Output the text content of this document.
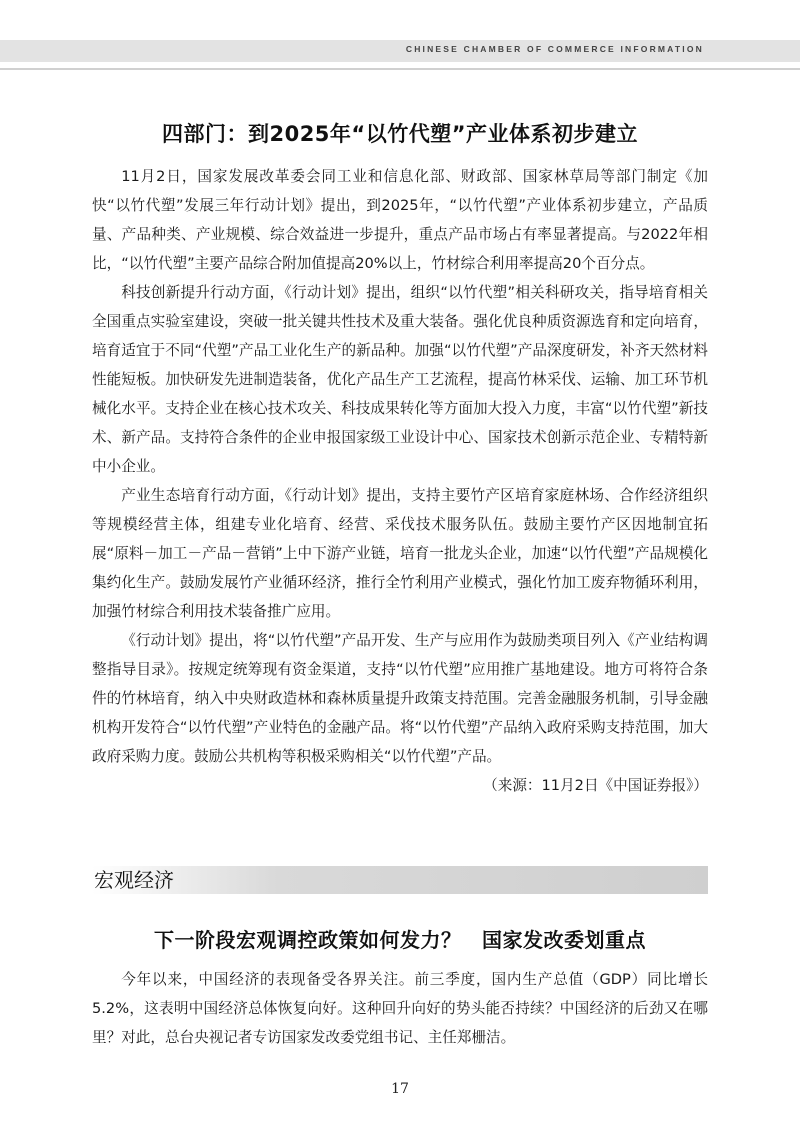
CHINESE CHAMBER OF COMMERCE INFORMATION
四部门：到2025年“以竹代塑”产业体系初步建立

11月2日，国家发展改革委会同工业和信息化部、财政部、国家林草局等部门制定《加快“以竹代塑”发展三年行动计划》提出，到2025年，“以竹代塑”产业体系初步建立，产品质量、产品种类、产业规模、综合效益进一步提升，重点产品市场占有率显著提高。与2022年相比，“以竹代塑”主要产品综合附加值提高20%以上，竹材综合利用率提高20个百分点。

科技创新提升行动方面，《行动计划》提出，组织“以竹代塑”相关科研攻关，指导培育相关全国重点实验室建设，突破一批关键共性技术及重大装备。强化优良种质资源选育和定向培育，培育适宜于不同“代塑”产品工业化生产的新品种。加强“以竹代塑”产品深度研发，补齐天然材料性能短板。加快研发先进制造装备，优化产品生产工艺流程，提高竹林采伐、运输、加工环节机械化水平。支持企业在核心技术攻关、科技成果转化等方面加大投入力度，丰富“以竹代塑”新技术、新产品。支持符合条件的企业申报国家级工业设计中心、国家技术创新示范企业、专精特新中小企业。

产业生态培育行动方面，《行动计划》提出，支持主要竹产区培育家庭林场、合作经济组织等规模经营主体，组建专业化培育、经营、采伐技术服务队伍。鼓励主要竹产区因地制宜拓展“原料－加工－产品－营销”上中下游产业链，培育一批龙头企业，加速“以竹代塑”产品规模化集约化生产。鼓励发展竹产业循环经济，推行全竹利用产业模式，强化竹加工废弃物循环利用，加强竹材综合利用技术装备推广应用。

《行动计划》提出，将“以竹代塑”产品开发、生产与应用作为鼓励类项目列入《产业结构调整指导目录》。按规定统筹现有资金渠道，支持“以竹代塑”应用推广基地建设。地方可将符合条件的竹林培育，纳入中央财政造林和森林质量提升政策支持范围。完善金融服务机制，引导金融机构开发符合“以竹代塑”产业特色的金融产品。将“以竹代塑”产品纳入政府采购支持范围，加大政府采购力度。鼓励公共机构等积极采购相关“以竹代塑”产品。

（来源：11月2日《中国证券报》）

宏观经济
下一阶段宏观调控政策如何发力？　国家发改委划重点

今年以来，中国经济的表现备受各界关注。前三季度，国内生产总值（GDP）同比增长5.2%，这表明中国经济总体恢复向好。这种回升向好的势头能否持续？中国经济的后劲又在哪里？对此，总台央视记者专访国家发改委党组书记、主任郑栅洁。

17
